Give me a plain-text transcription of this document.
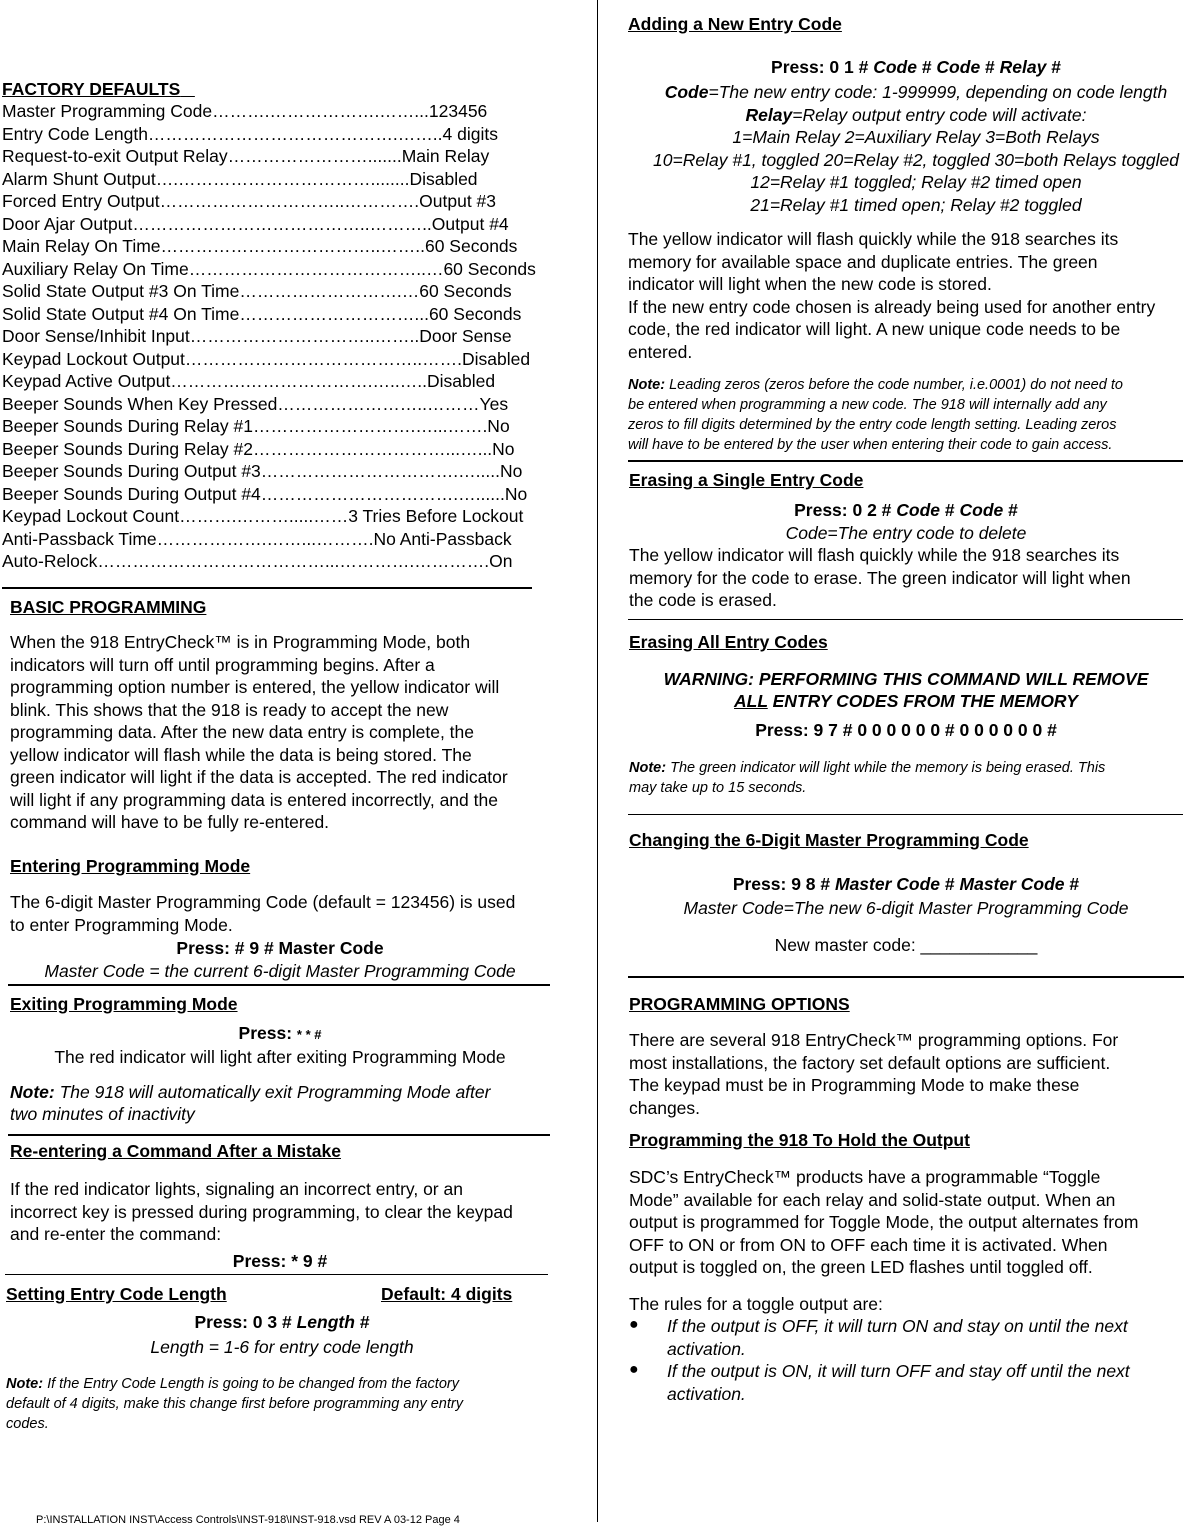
FACTORY DEFAULTS
Master Programming Code……….……………….……...123456
Entry Code Length…………………………………….……..4 digits
Request-to-exit Output Relay…………………….......Main Relay
Alarm Shunt Output….……………………………........Disabled
Forced Entry Output…………………………..………….Output #3
Door Ajar Output…………………………………..………..Output #4
Main Relay On Time………………………………..……..60 Seconds
Auxiliary Relay On Time…………………………………..…60 Seconds
Solid State Output #3 On Time……………………….…60 Seconds
Solid State Output #4 On Time…………………………...60 Seconds
Door Sense/Inhibit Input…………………………..……..Door Sense
Keypad Lockout Output…………………………………..…….Disabled
Keypad Active Output………….………………….…..…..Disabled
Beeper Sounds When Key Pressed……………………..………Yes
Beeper Sounds During Relay #1……………………….…...…….No
Beeper Sounds During Relay #2……………………………...…...No
Beeper Sounds During Output #3…………………………….….....No
Beeper Sounds During Output #4…………………………….…......No
Keypad Lockout Count……….……….....……3 Tries Before Lockout
Anti-Passback Time……………….……...……….No Anti-Passback
Auto-Relock…………………………………...………….………….On
BASIC PROGRAMMING
When the 918 EntryCheck™ is in Programming Mode, both
indicators will turn off until programming begins. After a
programming option number is entered, the yellow indicator will
blink. This shows that the 918 is ready to accept the new
programming data. After the new data entry is complete, the
yellow indicator will flash while the data is being stored. The
green indicator will light if the data is accepted. The red indicator
will light if any programming data is entered incorrectly, and the
command will have to be fully re-entered.
Entering Programming Mode
The 6-digit Master Programming Code (default = 123456) is used
to enter Programming Mode.
Press: # 9 # Master Code
Master Code = the current 6-digit Master Programming Code
Exiting Programming Mode
Press: * * #
The red indicator will light after exiting Programming Mode
Note: The 918 will automatically exit Programming Mode after
two minutes of inactivity
Re-entering a Command After a Mistake
If the red indicator lights, signaling an incorrect entry, or an
incorrect key is pressed during programming, to clear the keypad
and re-enter the command:
Press: * 9 #
Setting Entry Code Length	Default: 4 digits
Press: 0 3 # Length #
Length = 1-6 for entry code length
Note: If the Entry Code Length is going to be changed from the factory
default of 4 digits, make this change first before programming any entry
codes.
P:\INSTALLATION INST\Access Controls\INST-918\INST-918.vsd REV A 03-12 Page 4
Adding a New Entry Code
Press: 0 1 # Code # Code # Relay #
Code=The new entry code: 1-999999, depending on code length
Relay=Relay output entry code will activate:
1=Main Relay 2=Auxiliary Relay 3=Both Relays
10=Relay #1, toggled 20=Relay #2, toggled 30=both Relays toggled
12=Relay #1 toggled; Relay #2 timed open
21=Relay #1 timed open; Relay #2 toggled
The yellow indicator will flash quickly while the 918 searches its
memory for available space and duplicate entries. The green
indicator will light when the new code is stored.
If the new entry code chosen is already being used for another entry
code, the red indicator will light. A new unique code needs to be
entered.
Note: Leading zeros (zeros before the code number, i.e.0001) do not need to
be entered when programming a new code. The 918 will internally add any
zeros to fill digits determined by the entry code length setting. Leading zeros
will have to be entered by the user when entering their code to gain access.
Erasing a Single Entry Code
Press: 0 2 # Code # Code #
Code=The entry code to delete
The yellow indicator will flash quickly while the 918 searches its
memory for the code to erase. The green indicator will light when
the code is erased.
Erasing All Entry Codes
WARNING: PERFORMING THIS COMMAND WILL REMOVE
ALL ENTRY CODES FROM THE MEMORY
Press: 9 7 # 0 0 0 0 0 0 # 0 0 0 0 0 0 #
Note: The green indicator will light while the memory is being erased. This
may take up to 15 seconds.
Changing the 6-Digit Master Programming Code
Press: 9 8 # Master Code # Master Code #
Master Code=The new 6-digit Master Programming Code
New master code: ____________
PROGRAMMING OPTIONS
There are several 918 EntryCheck™ programming options. For
most installations, the factory set default options are sufficient.
The keypad must be in Programming Mode to make these
changes.
Programming the 918 To Hold the Output
SDC’s EntryCheck™ products have a programmable “Toggle
Mode” available for each relay and solid-state output. When an
output is programmed for Toggle Mode, the output alternates from
OFF to ON or from ON to OFF each time it is activated. When
output is toggled on, the green LED flashes until toggled off.
The rules for a toggle output are:
● If the output is OFF, it will turn ON and stay on until the next
activation.
● If the output is ON, it will turn OFF and stay off until the next
activation.
